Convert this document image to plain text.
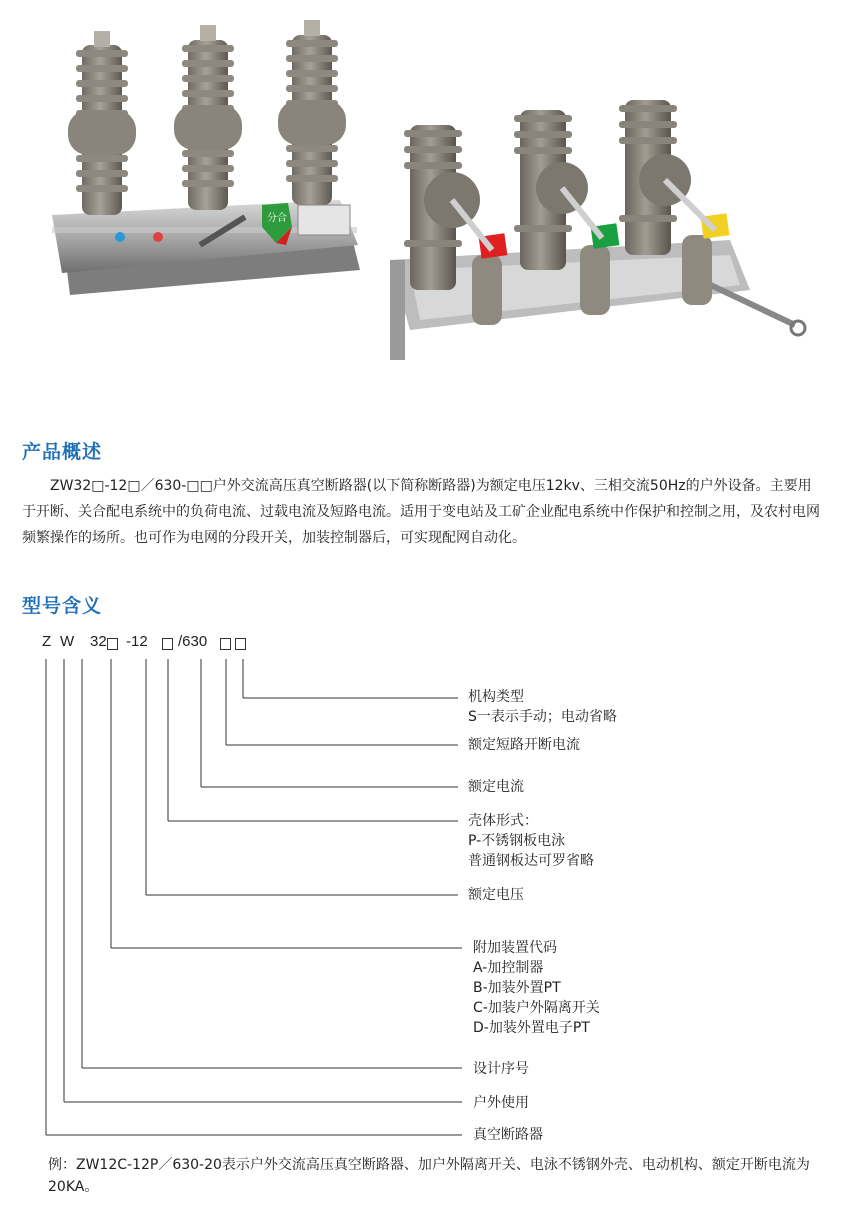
分合
产品概述

ZW32□-12□／630-□□户外交流高压真空断路器(以下简称断路器)为额定电压12kv、三相交流50Hz的户外设备。主要用于开断、关合配电系统中的负荷电流、过载电流及短路电流。适用于变电站及工矿企业配电系统中作保护和控制之用，及农村电网频繁操作的场所。也可作为电网的分段开关，加装控制器后，可实现配网自动化。

型号含义
Z W 32 -12 /630
机构类型
S一表示手动；电动省略
额定短路开断电流
额定电流
壳体形式：
P-不锈钢板电泳
普通钢板达可罗省略
额定电压
附加装置代码
A-加控制器
B-加装外置PT
C-加装户外隔离开关
D-加装外置电子PT
设计序号
户外使用
真空断路器

例：ZW12C-12P／630-20表示户外交流高压真空断路器、加户外隔离开关、电泳不锈钢外壳、电动机构、额定开断电流为20KA。
